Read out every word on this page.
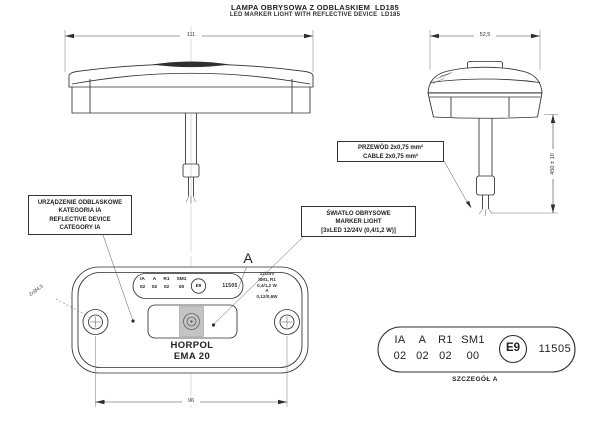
LAMPA OBRYSOWA Z ODBLASKIEM  LD185
LED MARKER LIGHT WITH REFLECTIVE DEVICE  LD185
111	52,5
450 ± 10
96
2xØ4,5
PRZEWÓD 2x0,75 mm²
CABLE 2x0,75 mm²
URZĄDZENIE ODBLASKOWE
KATEGORIA IA
REFLECTIVE DEVICE
CATEGORY IA
ŚWIATŁO OBRYSOWE
MARKER LIGHT
[3xLED 12/24V (0,4/1,2 W)]
IA	A	R1	SM1
02	02	02	00	E9	11505
12/24V
SM1, R1
0,4/1,2 W
A
0,12/0,6W
HORPOL
EMA 20
A
IA	A	R1 SM1
02 02 02	00
E9	11505
SZCZEGÓŁ A
